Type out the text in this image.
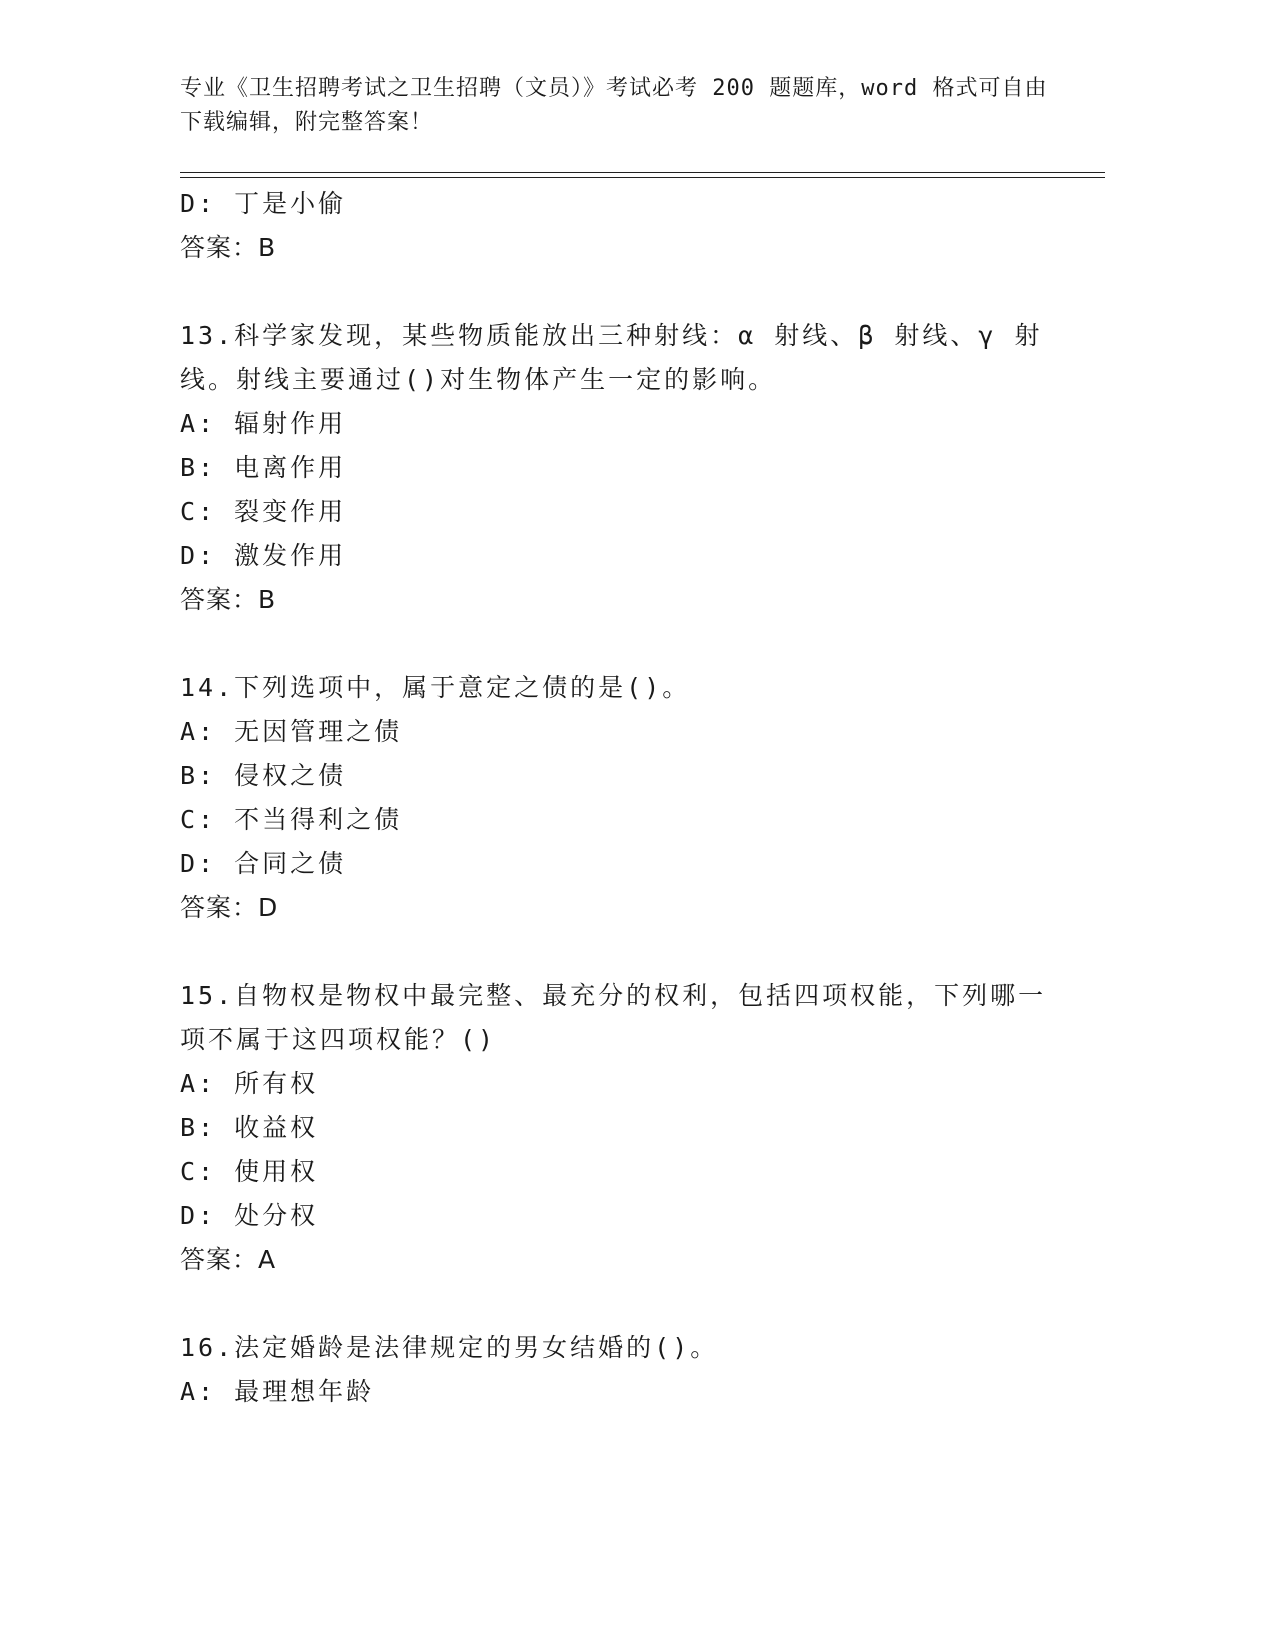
专业《卫生招聘考试之卫生招聘（文员）》考试必考 200 题题库，word 格式可自由下载编辑，附完整答案！
D: 丁是小偷
答案：B
13.科学家发现，某些物质能放出三种射线：α 射线、β 射线、γ 射线。射线主要通过()对生物体产生一定的影响。
A: 辐射作用
B: 电离作用
C: 裂变作用
D: 激发作用
答案：B
14.下列选项中，属于意定之债的是()。
A: 无因管理之债
B: 侵权之债
C: 不当得利之债
D: 合同之债
答案：D
15.自物权是物权中最完整、最充分的权利，包括四项权能，下列哪一项不属于这四项权能？()
A: 所有权
B: 收益权
C: 使用权
D: 处分权
答案：A
16.法定婚龄是法律规定的男女结婚的()。
A: 最理想年龄
